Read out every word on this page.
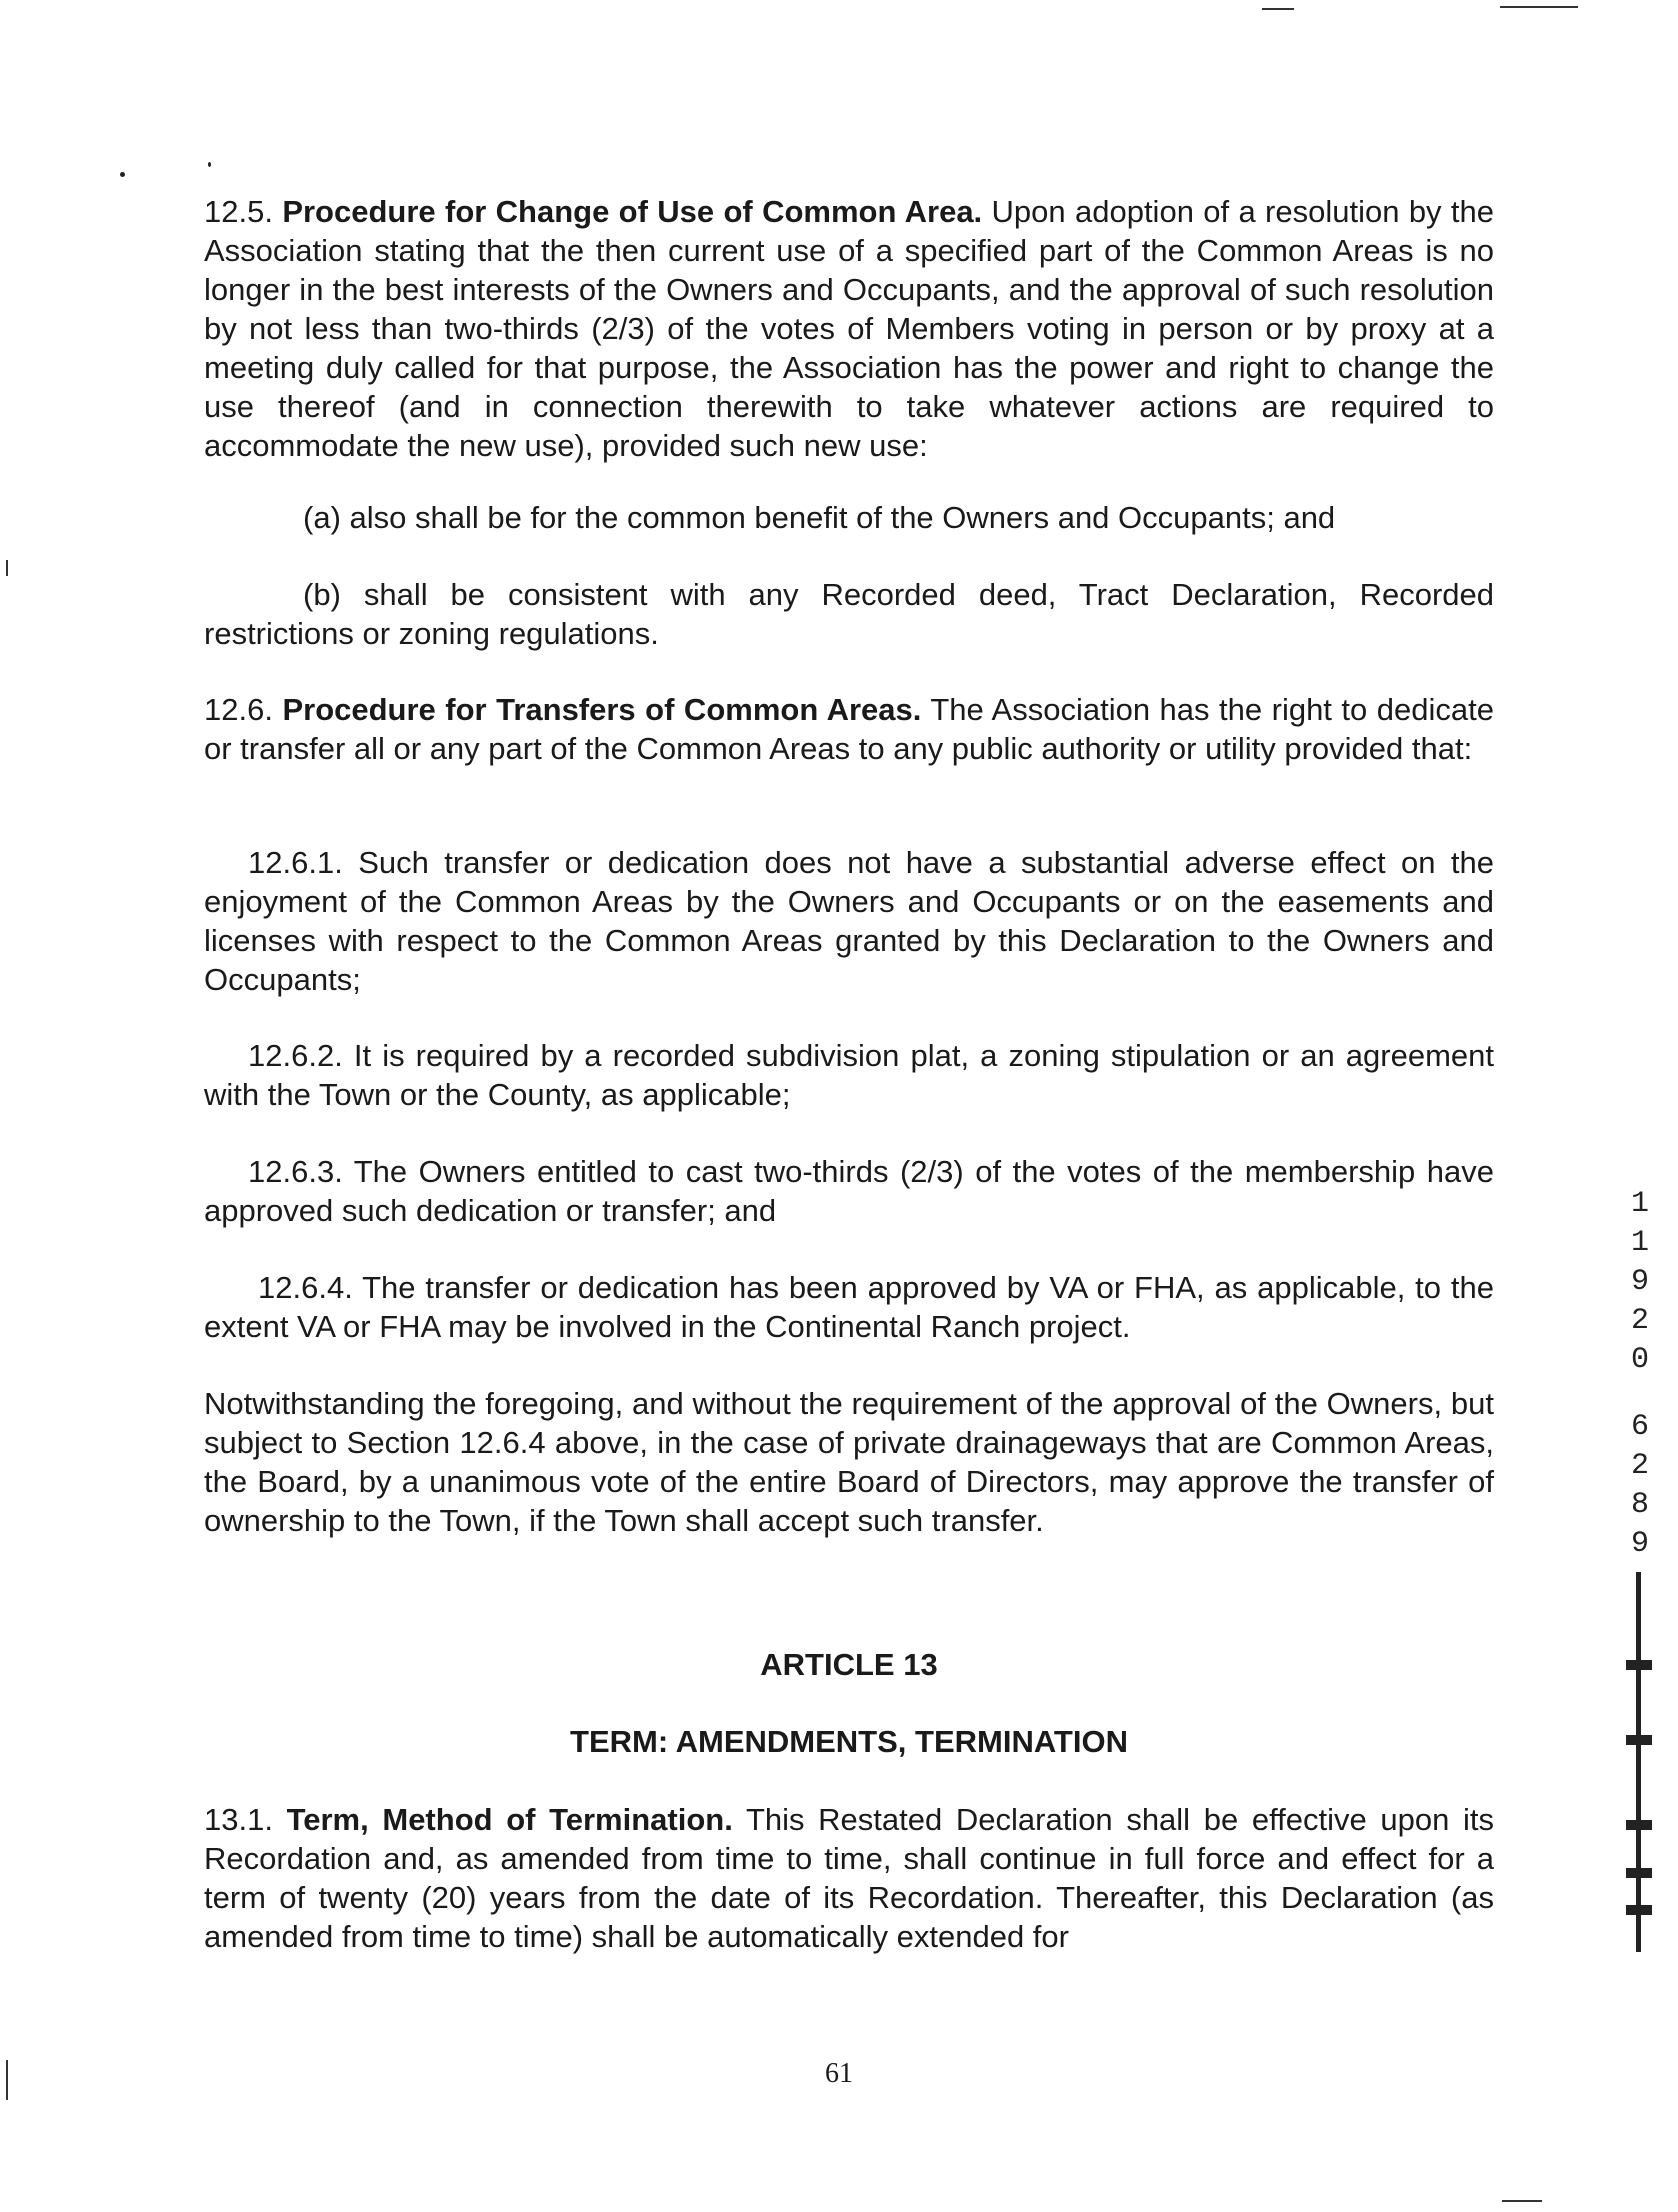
12.5. Procedure for Change of Use of Common Area. Upon adoption of a resolution by the Association stating that the then current use of a specified part of the Common Areas is no longer in the best interests of the Owners and Occupants, and the approval of such resolution by not less than two-thirds (2/3) of the votes of Members voting in person or by proxy at a meeting duly called for that purpose, the Association has the power and right to change the use thereof (and in connection therewith to take whatever actions are required to accommodate the new use), provided such new use:
(a) also shall be for the common benefit of the Owners and Occupants; and
(b) shall be consistent with any Recorded deed, Tract Declaration, Recorded restrictions or zoning regulations.
12.6. Procedure for Transfers of Common Areas. The Association has the right to dedicate or transfer all or any part of the Common Areas to any public authority or utility provided that:
12.6.1. Such transfer or dedication does not have a substantial adverse effect on the enjoyment of the Common Areas by the Owners and Occupants or on the easements and licenses with respect to the Common Areas granted by this Declaration to the Owners and Occupants;
12.6.2. It is required by a recorded subdivision plat, a zoning stipulation or an agreement with the Town or the County, as applicable;
12.6.3. The Owners entitled to cast two-thirds (2/3) of the votes of the membership have approved such dedication or transfer; and
12.6.4. The transfer or dedication has been approved by VA or FHA, as applicable, to the extent VA or FHA may be involved in the Continental Ranch project.
Notwithstanding the foregoing, and without the requirement of the approval of the Owners, but subject to Section 12.6.4 above, in the case of private drainageways that are Common Areas, the Board, by a unanimous vote of the entire Board of Directors, may approve the transfer of ownership to the Town, if the Town shall accept such transfer.
ARTICLE 13
TERM: AMENDMENTS, TERMINATION
13.1. Term, Method of Termination. This Restated Declaration shall be effective upon its Recordation and, as amended from time to time, shall continue in full force and effect for a term of twenty (20) years from the date of its Recordation. Thereafter, this Declaration (as amended from time to time) shall be automatically extended for
1
1
9
2
0
6
2
8
9
61
